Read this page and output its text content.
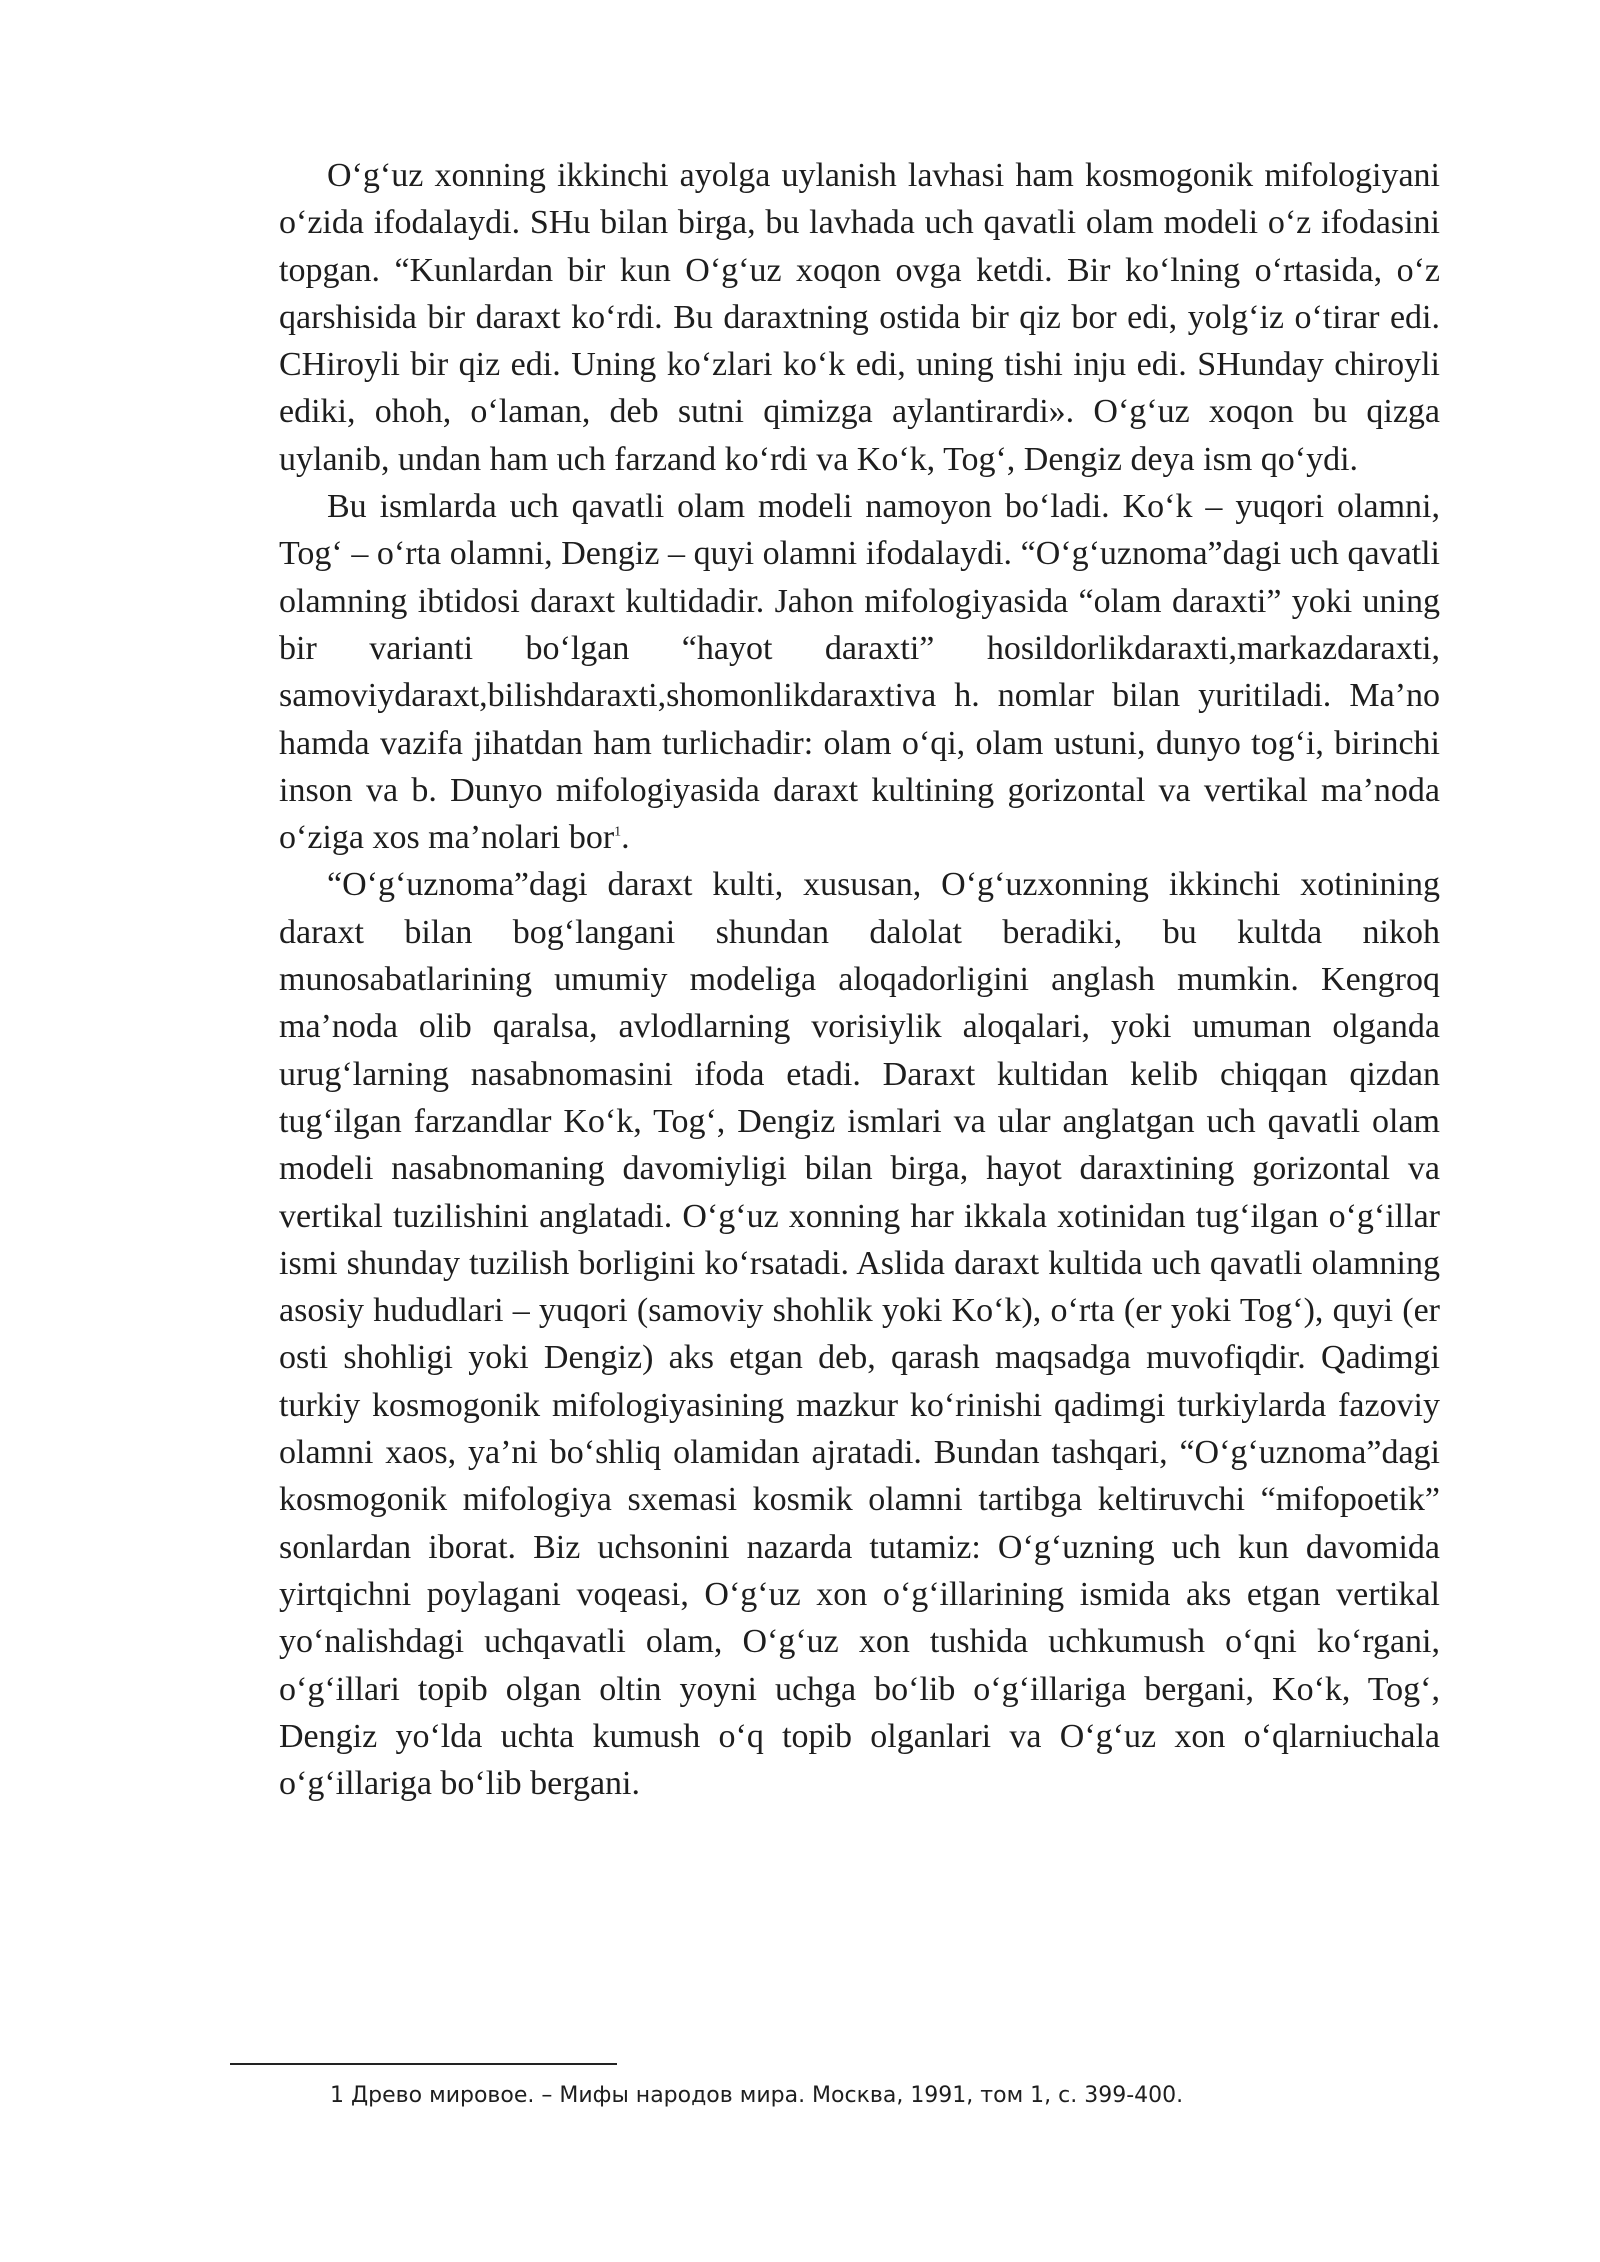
O‘g‘uz xonning ikkinchi ayolga uylanish lavhasi ham kosmogonik mifologiyani o‘zida ifodalaydi. SHu bilan birga, bu lavhada uch qavatli olam modeli o‘z ifodasini topgan. “Kunlardan bir kun O‘g‘uz xoqon ovga ketdi. Bir ko‘lning o‘rtasida, o‘z qarshisida bir daraxt ko‘rdi. Bu daraxtning ostida bir qiz bor edi, yolg‘iz o‘tirar edi. CHiroyli bir qiz edi. Uning ko‘zlari ko‘k edi, uning tishi inju edi. SHunday chiroyli ediki, ohoh, o‘laman, deb sutni qimizga aylantirardi». O‘g‘uz xoqon bu qizga uylanib, undan ham uch farzand ko‘rdi va Ko‘k, Tog‘, Dengiz deya ism qo‘ydi.

Bu ismlarda uch qavatli olam modeli namoyon bo‘ladi. Ko‘k – yuqori olamni, Tog‘ – o‘rta olamni, Dengiz – quyi olamni ifodalaydi. “O‘g‘uznoma”dagi uch qavatli olamning ibtidosi daraxt kultidadir. Jahon mifologiyasida “olam daraxti” yoki uning bir varianti bo‘lgan “hayot daraxti” hosildorlikdaraxti,markazdaraxti, samoviydaraxt,bilishdaraxti,shomonlikdaraxtiva h. nomlar bilan yuritiladi. Ma’no hamda vazifa jihatdan ham turlichadir: olam o‘qi, olam ustuni, dunyo tog‘i, birinchi inson va b. Dunyo mifologiyasida daraxt kultining gorizontal va vertikal ma’noda o‘ziga xos ma’nolari bor$^1$.

“O‘g‘uznoma”dagi daraxt kulti, xususan, O‘g‘uzxonning ikkinchi xotinining daraxt bilan bog‘langani shundan dalolat beradiki, bu kultda nikoh munosabatlarining umumiy modeliga aloqadorligini anglash mumkin. Kengroq ma’noda olib qaralsa, avlodlarning vorisiylik aloqalari, yoki umuman olganda urug‘larning nasabnomasini ifoda etadi. Daraxt kultidan kelib chiqqan qizdan tug‘ilgan farzandlar Ko‘k, Tog‘, Dengiz ismlari va ular anglatgan uch qavatli olam modeli nasabnomaning davomiyligi bilan birga, hayot daraxtining gorizontal va vertikal tuzilishini anglatadi. O‘g‘uz xonning har ikkala xotinidan tug‘ilgan o‘g‘illar ismi shunday tuzilish borligini ko‘rsatadi. Aslida daraxt kultida uch qavatli olamning asosiy hududlari – yuqori (samoviy shohlik yoki Ko‘k), o‘rta (er yoki Tog‘), quyi (er osti shohligi yoki Dengiz) aks etgan deb, qarash maqsadga muvofiqdir. Qadimgi turkiy kosmogonik mifologiyasining mazkur ko‘rinishi qadimgi turkiylarda fazoviy olamni xaos, ya’ni bo‘shliq olamidan ajratadi. Bundan tashqari, “O‘g‘uznoma”dagi kosmogonik mifologiya sxemasi kosmik olamni tartibga keltiruvchi “mifopoetik” sonlardan iborat. Biz uchsonini nazarda tutamiz: O‘g‘uzning uch kun davomida yirtqichni poylagani voqeasi, O‘g‘uz xon o‘g‘illarining ismida aks etgan vertikal yo‘nalishdagi uchqavatli olam, O‘g‘uz xon tushida uchkumush o‘qni ko‘rgani, o‘g‘illari topib olgan oltin yoyni uchga bo‘lib o‘g‘illariga bergani, Ko‘k, Tog‘, Dengiz yo‘lda uchta kumush o‘q topib olganlari va O‘g‘uz xon o‘qlarniuchala o‘g‘illariga bo‘lib bergani.

1 Древо мировое. – Мифы народов мира. Москва, 1991, том 1, с. 399-400.
